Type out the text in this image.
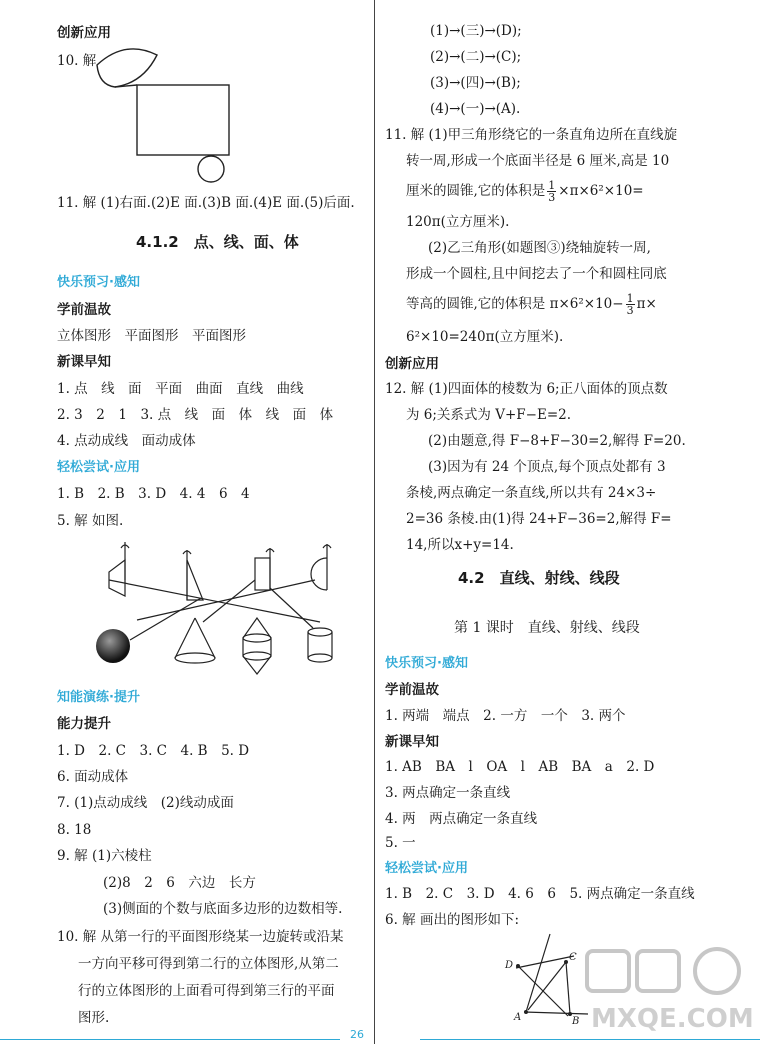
创新应用
10. 解
11. 解 (1)右面.(2)E 面.(3)B 面.(4)E 面.(5)后面.
4.1.2　点、线、面、体
快乐预习·感知
学前温故
立体图形　平面图形　平面图形
新课早知
1. 点　线　面　平面　曲面　直线　曲线
2. 3　2　1　3. 点　线　面　体　线　面　体
4. 点动成线　面动成体
轻松尝试·应用
1. B　2. B　3. D　4. 4　6　4
5. 解 如图.
知能演练·提升
能力提升
1. D　2. C　3. C　4. B　5. D
6. 面动成体
7. (1)点动成线　(2)线动成面
8. 18
9. 解 (1)六棱柱
(2)8　2　6　六边　长方
(3)侧面的个数与底面多边形的边数相等.
10. 解 从第一行的平面图形绕某一边旋转或沿某
一方向平移可得到第二行的立体图形,从第二
行的立体图形的上面看可得到第三行的平面
图形.
(1)→(三)→(D);
(2)→(二)→(C);
(3)→(四)→(B);
(4)→(一)→(A).
11. 解 (1)甲三角形绕它的一条直角边所在直线旋
转一周,形成一个底面半径是 6 厘米,高是 10
厘米的圆锥,它的体积是 $\frac{1}{3} \times\pi\times 6^2\times 10=$
120π(立方厘米).
(2)乙三角形(如题图③)绕轴旋转一周,
形成一个圆柱,且中间挖去了一个和圆柱同底
等高的圆锥,它的体积是 $\pi\times 6^2\times 10- \frac{1}{3} \pi\times$
6²×10=240π(立方厘米).
创新应用
12. 解 (1)四面体的棱数为 6;正八面体的顶点数
为 6;关系式为 V+F−E=2.
(2)由题意,得 F−8+F−30=2,解得 F=20.
(3)因为有 24 个顶点,每个顶点处都有 3
条棱,两点确定一条直线,所以共有 24×3÷
2=36 条棱.由(1)得 24+F−36=2,解得 F=
14,所以x+y=14.
4.2　直线、射线、线段
第 1 课时　直线、射线、线段
快乐预习·感知
学前温故
1. 两端　端点　2. 一方　一个　3. 两个
新课早知
1. AB　BA　l　OA　l　AB　BA　a　2. D
3. 两点确定一条直线
4. 两　两点确定一条直线
5. 一
轻松尝试·应用
1. B　2. C　3. D　4. 6　6　5. 两点确定一条直线
6. 解 画出的图形如下:
D
C
A	B MXQE.COM
26
